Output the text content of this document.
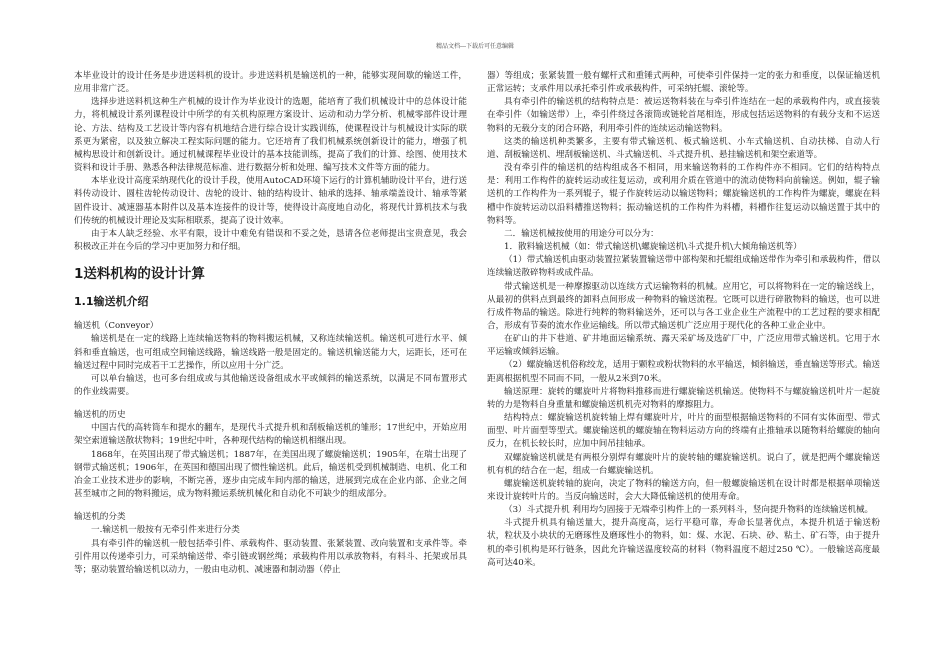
精品文档---下载后可任意编辑

本毕业设计的设计任务是步进送料机的设计。步进送料机是输送机的一种，能够实现间歇的输送工件，应用非常广泛。

选择步进送料机这种生产机械的设计作为毕业设计的选题，能培育了我们机械设计中的总体设计能力，将机械设计系列课程设计中所学的有关机构原理方案设计、运动和动力学分析、机械零部件设计理论、方法、结构及工艺设计等内容有机地结合进行综合设计实践训练，使课程设计与机械设计实际的联系更为紧密，以及独立解决工程实际问题的能力。它还培育了我们机械系统创新设计的能力，增强了机械构思设计和创新设计。通过机械课程毕业设计的基本技能训练，提高了我们的计算、绘图、使用技术资料和设计手册、熟悉各种法律规范标准、进行数据分析和处理、编写技术文件等方面的能力。

本毕业设计高度采纳现代化的设计手段，使用AutoCAD环境下运行的计算机辅助设计平台，进行送料传动设计、圆柱齿轮传动设计、齿轮的设计、轴的结构设计、轴承的选择、轴承端盖设计、轴承等紧固件设计、减速器基本附件以及基本连接件的设计等，使得设计高度地自动化，将现代计算机技术与我们传统的机械设计理论及实际相联系，提高了设计效率。

由于本人缺乏经验、水平有限，设计中难免有错误和不妥之处，恳请各位老师提出宝贵意见，我会积极改正并在今后的学习中更加努力和仔细。

1送料机构的设计计算
1.1输送机介绍

输送机（Conveyor）

输送机是在一定的线路上连续输送物料的物料搬运机械，又称连续输送机。输送机可进行水平、倾斜和垂直输送，也可组成空间输送线路，输送线路一般是固定的。输送机输送能力大，运距长，还可在输送过程中同时完成若干工艺操作，所以应用十分广泛。

可以单台输送，也可多台组成或与其他输送设备组成水平或倾斜的输送系统，以满足不同布置形式的作业线需要。

输送机的历史

中国古代的高转筒车和提水的翻车，是现代斗式提升机和刮板输送机的雏形；17世纪中，开始应用架空索道输送散状物料；19世纪中叶，各种现代结构的输送机相继出现。

1868年，在英国出现了带式输送机；1887年，在美国出现了螺旋输送机；1905年，在瑞士出现了钢带式输送机；1906年，在英国和德国出现了惯性输送机。此后，输送机受到机械制造、电机、化工和冶金工业技术进步的影响，不断完善，逐步由完成车间内部的输送，进展到完成在企业内部、企业之间甚至城市之间的物料搬运，成为物料搬运系统机械化和自动化不可缺少的组成部分。

输送机的分类

一.输送机一般按有无牵引件来进行分类

具有牵引件的输送机一般包括牵引件、承载构件、驱动装置、张紧装置、改向装置和支承件等。牵引件用以传递牵引力，可采纳输送带、牵引链或钢丝绳；承载构件用以承放物料，有料斗、托架或吊具等；驱动装置给输送机以动力，一般由电动机、减速器和制动器（停止

器）等组成；张紧装置一般有螺杆式和重锤式两种，可使牵引件保持一定的张力和垂度，以保证输送机正常运转；支承件用以承托牵引件或承载构件，可采纳托辊、滚轮等。

具有牵引件的输送机的结构特点是：被运送物料装在与牵引件连结在一起的承载构件内，或直接装在牵引件（如输送带）上，牵引件绕过各滚筒或链轮首尾相连，形成包括运送物料的有载分支和不运送物料的无载分支的闭合环路，利用牵引件的连续运动输送物料。

这类的输送机种类繁多，主要有带式输送机、板式输送机、小车式输送机、自动扶梯、自动人行道、刮板输送机、埋刮板输送机、斗式输送机、斗式提升机、悬挂输送机和架空索道等。

没有牵引件的输送机的结构组成各不相同，用来输送物料的工作构件亦不相同。它们的结构特点是：利用工作构件的旋转运动或往复运动，或利用介质在管道中的流动使物料向前输送。例如，辊子输送机的工作构件为一系列辊子，辊子作旋转运动以输送物料；螺旋输送机的工作构件为螺旋，螺旋在料槽中作旋转运动以沿料槽推送物料；振动输送机的工作构件为料槽，料槽作往复运动以输送置于其中的物料等。

二．输送机械按使用的用途分可以分为：

1．散料输送机械（如：带式输送机\螺旋输送机\斗式提升机\大倾角输送机等）

（1）带式输送机由驱动装置拉紧装置输送带中部构架和托辊组成输送带作为牵引和承载构件，借以连续输送散碎物料或成件品。

带式输送机是一种摩擦驱动以连续方式运输物料的机械。应用它，可以将物料在一定的输送线上，从最初的供料点到最终的卸料点间形成一种物料的输送流程。它既可以进行碎散物料的输送，也可以进行成件物品的输送。除进行纯粹的物料输送外，还可以与各工业企业生产流程中的工艺过程的要求相配合，形成有节奏的流水作业运输线。所以带式输送机广泛应用于现代化的各种工业企业中。

在矿山的井下巷道、矿井地面运输系统、露天采矿场及选矿厂中，广泛应用带式输送机。它用于水平运输或倾斜运输。

（2）螺旋输送机俗称绞龙，适用于颗粒或粉状物料的水平输送，倾斜输送，垂直输送等形式。输送距离根据机型不同而不同，一般从2米到70米。

输送原理：旋转的螺旋叶片将物料推移而进行螺旋输送机输送。使物料不与螺旋输送机叶片一起旋转的力是物料自身重量和螺旋输送机机壳对物料的摩擦阻力。

结构特点：螺旋输送机旋转轴上焊有螺旋叶片，叶片的面型根据输送物料的不同有实体面型、带式面型、叶片面型等型式。螺旋输送机的螺旋轴在物料运动方向的终端有止推轴承以随物料给螺旋的轴向反力，在机长较长时，应加中间吊挂轴承。

双螺旋输送机就是有两根分别焊有螺旋叶片的旋转轴的螺旋输送机。说白了，就是把两个螺旋输送机有机的结合在一起，组成一台螺旋输送机。

螺旋输送机旋转轴的旋向，决定了物料的输送方向，但一般螺旋输送机在设计时都是根据单项输送来设计旋转叶片的。当反向输送时，会大大降低输送机的使用寿命。

（3）斗式提升机 利用均匀固接于无端牵引构件上的一系列料斗，竖向提升物料的连续输送机械。

斗式提升机具有输送量大，提升高度高，运行平稳可靠，寿命长显著优点，本提升机适于输送粉状，粒状及小块状的无磨琢性及磨琢性小的物料，如：煤、水泥、石块、砂、粘土、矿石等，由于提升机的牵引机构是环行链条，因此允许输送温度较高的材料（物料温度不超过250 ℃）。一般输送高度最高可达40米。
